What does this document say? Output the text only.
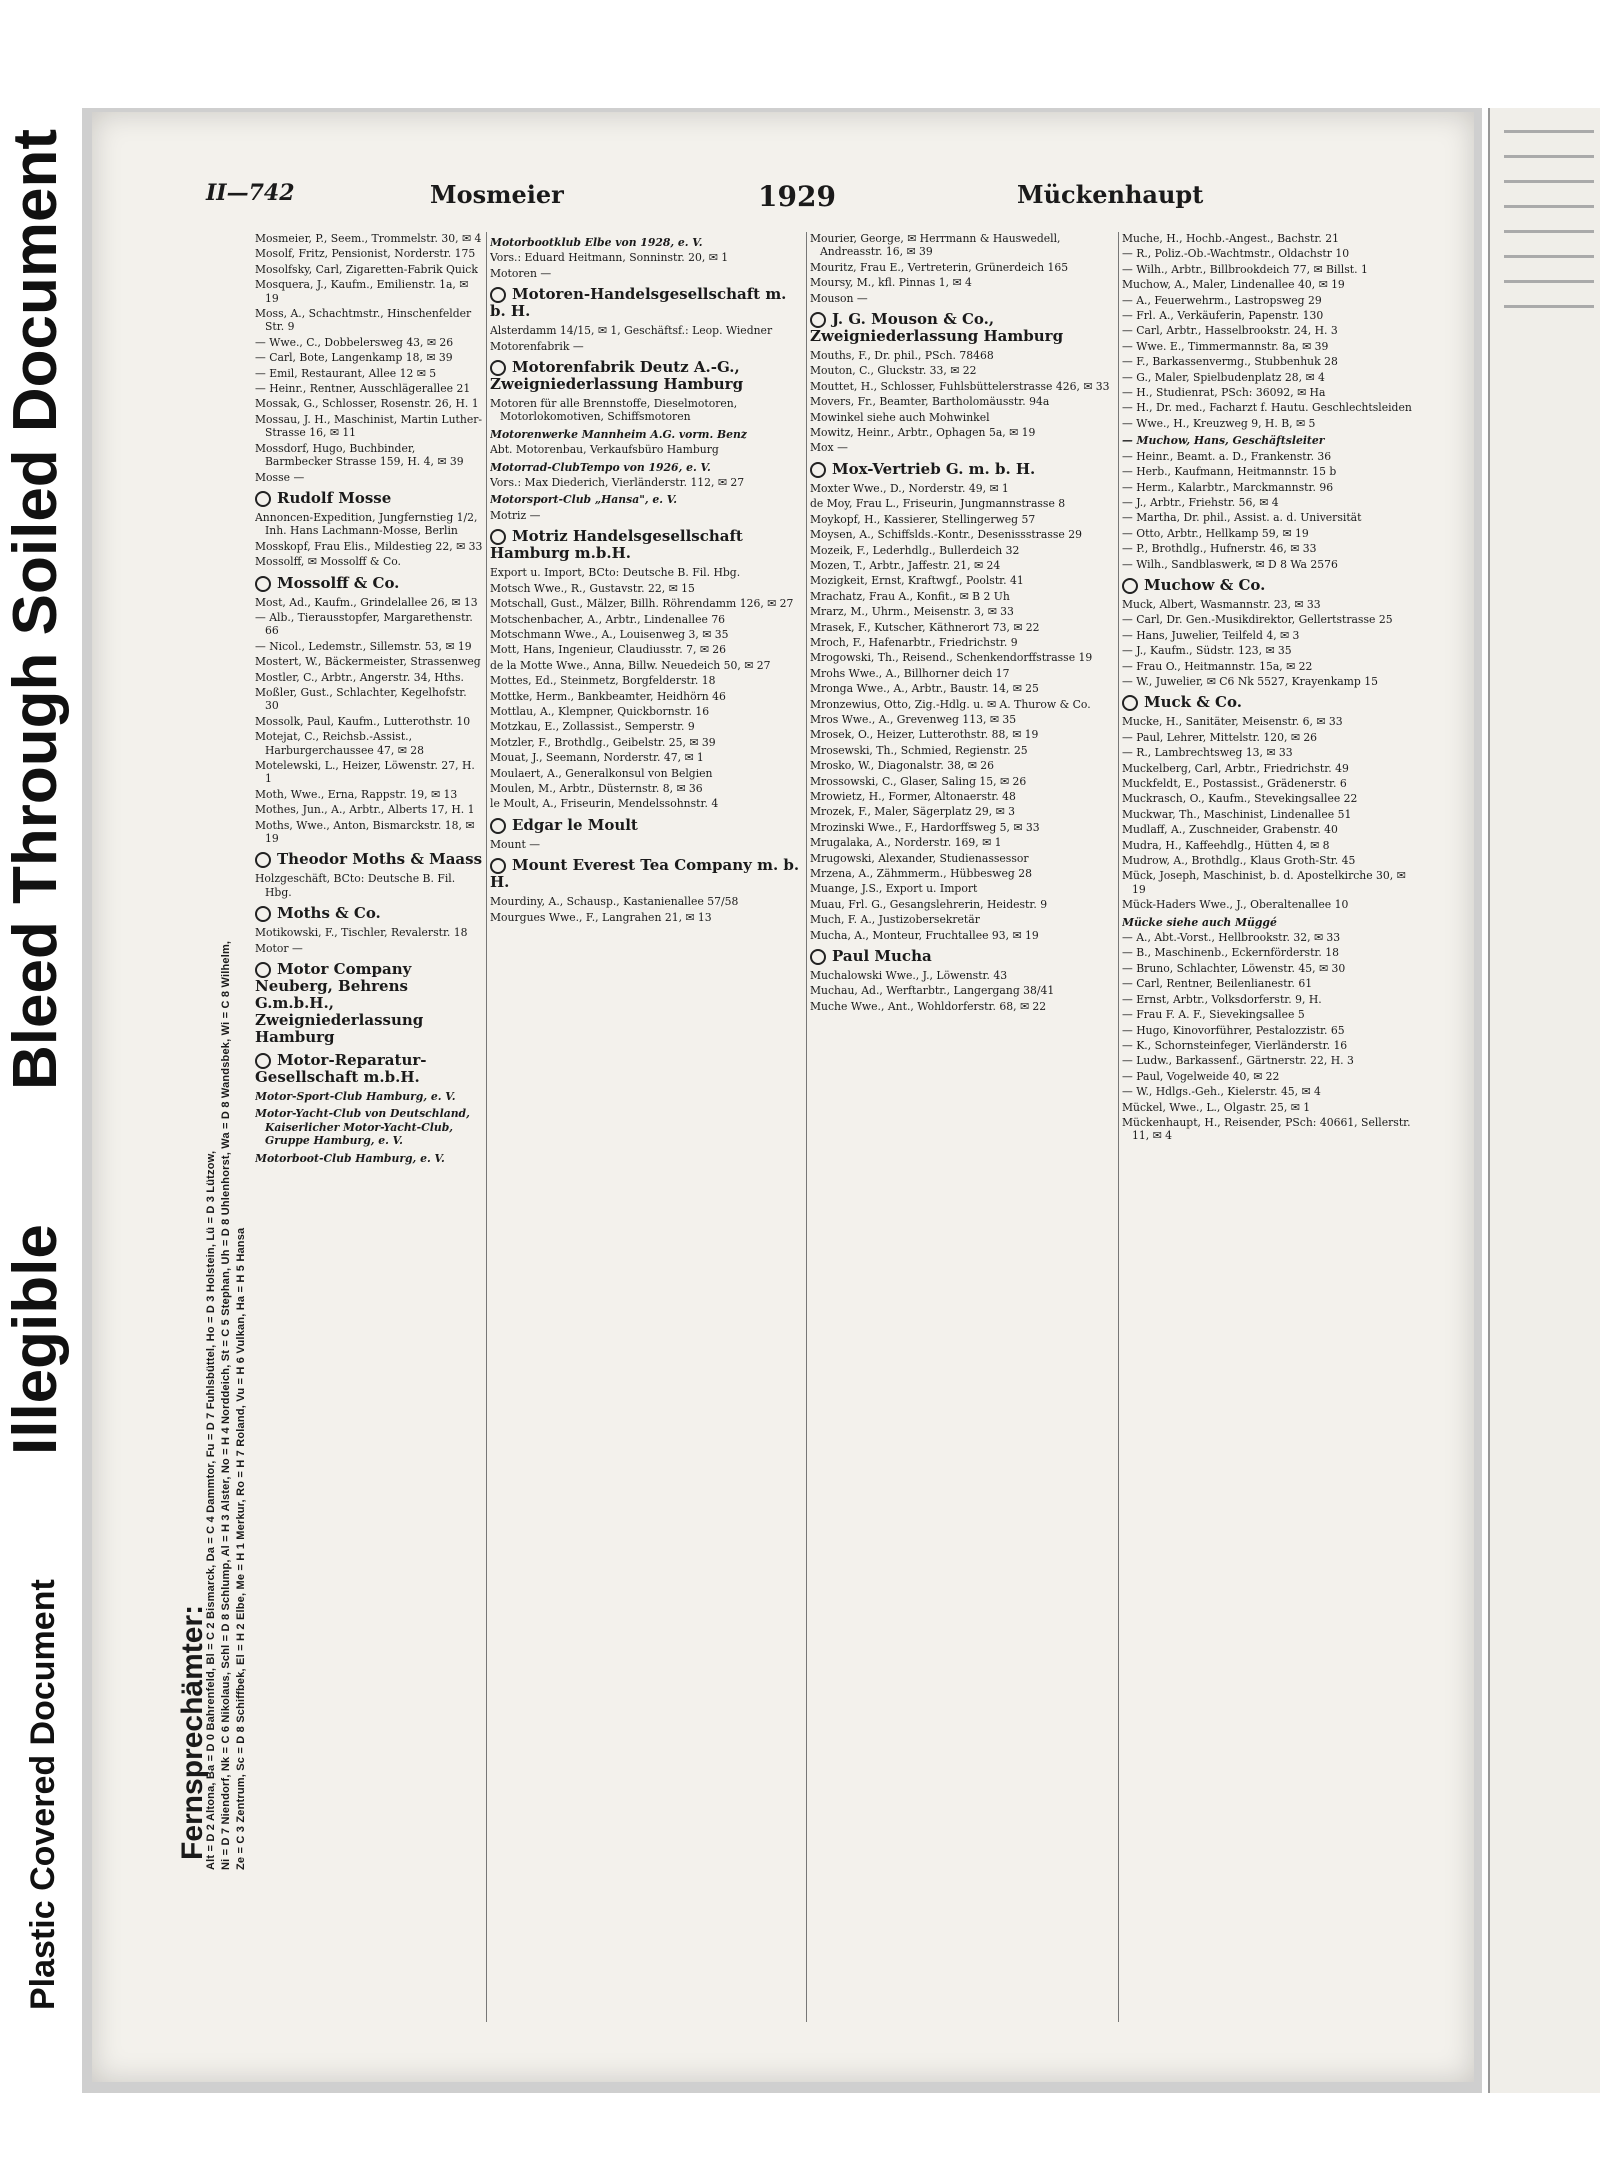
Plastic Covered Document
Illegible
Bleed Through Soiled Document	II—742	Mosmeier	1929	Mückenhaupt
Fernsprechämter:
Alt = D 2 Altona, Ba = D 0 Bahrenfeld, Bl = C 2 Bismarck, Da = C 4 Dammtor, Fu = D 7 Fuhlsbüttel, Ho = D 3 Holstein, Lü = D 3 Lützow, Ni = D 7 Niendorf, Nk = C 6 Nikolaus, Schl = D 8 Schlump, Al = H 3 Alster, No = H 4 Norddeich, St = C 5 Stephan, Uh = D 8 Uhlenhorst, Wa = D 8 Wandsbek, Wi = C 8 Wilhelm, Ze = C 3 Zentrum, Sc = D 8 Schiffbek, El = H 2 Elbe, Me = H 1 Merkur, Ro = H 7 Roland, Vu = H 6 Vulkan, Ha = H 5 Hansa
Mosmeier, P., Seem., Trommelstr. 30, ✉ 4
Mosolf, Fritz, Pensionist, Norderstr. 175
Mosolfsky, Carl, Zigaretten-Fabrik Quick
Mosquera, J., Kaufm., Emilienstr. 1a, ✉ 19
Moss, A., Schachtmstr., Hinschenfelder Str. 9
— Wwe., C., Dobbelersweg 43, ✉ 26
— Carl, Bote, Langenkamp 18, ✉ 39
— Emil, Restaurant, Allee 12 ✉ 5
— Heinr., Rentner, Ausschlägerallee 21
Mossak, G., Schlosser, Rosenstr. 26, H. 1
Mossau, J. H., Maschinist, Martin Luther-Strasse 16, ✉ 11
Mossdorf, Hugo, Buchbinder, Barmbecker Strasse 159, H. 4, ✉ 39
Mosse —
Rudolf Mosse
Annoncen-Expedition, Jungfernstieg 1/2, Inh. Hans Lachmann-Mosse, Berlin
Mosskopf, Frau Elis., Mildestieg 22, ✉ 33
Mossolff, ✉ Mossolff & Co.
Mossolff & Co.
Most, Ad., Kaufm., Grindelallee 26, ✉ 13
— Alb., Tierausstopfer, Margarethenstr. 66
— Nicol., Ledemstr., Sillemstr. 53, ✉ 19
Mostert, W., Bäckermeister, Strassenweg
Mostler, C., Arbtr., Angerstr. 34, Hths.
Moßler, Gust., Schlachter, Kegelhofstr. 30
Mossolk, Paul, Kaufm., Lutterothstr. 10
Motejat, C., Reichsb.-Assist., Harburgerchaussee 47, ✉ 28
Motelewski, L., Heizer, Löwenstr. 27, H. 1
Moth, Wwe., Erna, Rappstr. 19, ✉ 13
Mothes, Jun., A., Arbtr., Alberts 17, H. 1
Moths, Wwe., Anton, Bismarckstr. 18, ✉ 19
Theodor Moths & Maass
Holzgeschäft, BCto: Deutsche B. Fil. Hbg.
Moths & Co.
Motikowski, F., Tischler, Revalerstr. 18
Motor —
Motor Company Neuberg, Behrens G.m.b.H., Zweigniederlassung Hamburg
Motor-Reparatur-Gesellschaft m.b.H.
Motor-Sport-Club Hamburg, e. V.
Motor-Yacht-Club von Deutschland, Kaiserlicher Motor-Yacht-Club, Gruppe Hamburg, e. V.
Motorboot-Club Hamburg, e. V.
Motorbootklub Elbe von 1928, e. V.
Vors.: Eduard Heitmann, Sonninstr. 20, ✉ 1
Motoren —
Motoren-Handelsgesellschaft m. b. H.
Alsterdamm 14/15, ✉ 1, Geschäftsf.: Leop. Wiedner
Motorenfabrik —
Motorenfabrik Deutz A.-G., Zweigniederlassung Hamburg
Motoren für alle Brennstoffe, Dieselmotoren, Motorlokomotiven, Schiffsmotoren
Motorenwerke Mannheim A.G. vorm. Benz
Abt. Motorenbau, Verkaufsbüro Hamburg
Motorrad-ClubTempo von 1926, e. V.
Vors.: Max Diederich, Vierländerstr. 112, ✉ 27
Motorsport-Club „Hansa", e. V.
Motriz —
Motriz Handelsgesellschaft Hamburg m.b.H.
Export u. Import, BCto: Deutsche B. Fil. Hbg.
Motsch Wwe., R., Gustavstr. 22, ✉ 15
Motschall, Gust., Mälzer, Billh. Röhrendamm 126, ✉ 27
Motschenbacher, A., Arbtr., Lindenallee 76
Motschmann Wwe., A., Louisenweg 3, ✉ 35
Mott, Hans, Ingenieur, Claudiusstr. 7, ✉ 26
de la Motte Wwe., Anna, Billw. Neuedeich 50, ✉ 27
Mottes, Ed., Steinmetz, Borgfelderstr. 18
Mottke, Herm., Bankbeamter, Heidhörn 46
Mottlau, A., Klempner, Quickbornstr. 16
Motzkau, E., Zollassist., Semperstr. 9
Motzler, F., Brothdlg., Geibelstr. 25, ✉ 39
Mouat, J., Seemann, Norderstr. 47, ✉ 1
Moulaert, A., Generalkonsul von Belgien
Moulen, M., Arbtr., Düsternstr. 8, ✉ 36
le Moult, A., Friseurin, Mendelssohnstr. 4
Edgar le Moult
Mount —
Mount Everest Tea Company m. b. H.
Mourdiny, A., Schausp., Kastanienallee 57/58
Mourgues Wwe., F., Langrahen 21, ✉ 13
Mourier, George, ✉ Herrmann & Hauswedell, Andreasstr. 16, ✉ 39
Mouritz, Frau E., Vertreterin, Grünerdeich 165
Moursy, M., kfl. Pinnas 1, ✉ 4
Mouson —
J. G. Mouson & Co., Zweigniederlassung Hamburg
Mouths, F., Dr. phil., PSch. 78468
Mouton, C., Gluckstr. 33, ✉ 22
Mouttet, H., Schlosser, Fuhlsbüttelerstrasse 426, ✉ 33
Movers, Fr., Beamter, Bartholomäusstr. 94a
Mowinkel siehe auch Mohwinkel
Mowitz, Heinr., Arbtr., Ophagen 5a, ✉ 19
Mox —
Mox-Vertrieb G. m. b. H.
Moxter Wwe., D., Norderstr. 49, ✉ 1
de Moy, Frau L., Friseurin, Jungmannstrasse 8
Moykopf, H., Kassierer, Stellingerweg 57
Moysen, A., Schiffslds.-Kontr., Desenissstrasse 29
Mozeik, F., Lederhdlg., Bullerdeich 32
Mozen, T., Arbtr., Jaffestr. 21, ✉ 24
Mozigkeit, Ernst, Kraftwgf., Poolstr. 41
Mrachatz, Frau A., Konfit., ✉ B 2 Uh
Mrarz, M., Uhrm., Meisenstr. 3, ✉ 33
Mrasek, F., Kutscher, Käthnerort 73, ✉ 22
Mroch, F., Hafenarbtr., Friedrichstr. 9
Mrogowski, Th., Reisend., Schenkendorffstrasse 19
Mrohs Wwe., A., Billhorner deich 17
Mronga Wwe., A., Arbtr., Baustr. 14, ✉ 25
Mronzewius, Otto, Zig.-Hdlg. u. ✉ A. Thurow & Co.
Mros Wwe., A., Grevenweg 113, ✉ 35
Mrosek, O., Heizer, Lutterothstr. 88, ✉ 19
Mrosewski, Th., Schmied, Regienstr. 25
Mrosko, W., Diagonalstr. 38, ✉ 26
Mrossowski, C., Glaser, Saling 15, ✉ 26
Mrowietz, H., Former, Altonaerstr. 48
Mrozek, F., Maler, Sägerplatz 29, ✉ 3
Mrozinski Wwe., F., Hardorffsweg 5, ✉ 33
Mrugalaka, A., Norderstr. 169, ✉ 1
Mrugowski, Alexander, Studienassessor
Mrzena, A., Zähmmerm., Hübbesweg 28
Muange, J.S., Export u. Import
Muau, Frl. G., Gesangslehrerin, Heidestr. 9
Much, F. A., Justizobersekretär
Mucha, A., Monteur, Fruchtallee 93, ✉ 19
Paul Mucha
Muchalowski Wwe., J., Löwenstr. 43
Muchau, Ad., Werftarbtr., Langergang 38/41
Muche Wwe., Ant., Wohldorferstr. 68, ✉ 22
Muche, H., Hochb.-Angest., Bachstr. 21
— R., Poliz.-Ob.-Wachtmstr., Oldachstr 10
— Wilh., Arbtr., Billbrookdeich 77, ✉ Billst. 1
Muchow, A., Maler, Lindenallee 40, ✉ 19
— A., Feuerwehrm., Lastropsweg 29
— Frl. A., Verkäuferin, Papenstr. 130
— Carl, Arbtr., Hasselbrookstr. 24, H. 3
— Wwe. E., Timmermannstr. 8a, ✉ 39
— F., Barkassenvermg., Stubbenhuk 28
— G., Maler, Spielbudenplatz 28, ✉ 4
— H., Studienrat, PSch: 36092, ✉ Ha
— H., Dr. med., Facharzt f. Hautu. Geschlechtsleiden
— Wwe., H., Kreuzweg 9, H. B, ✉ 5
— Muchow, Hans, Geschäftsleiter
— Heinr., Beamt. a. D., Frankenstr. 36
— Herb., Kaufmann, Heitmannstr. 15 b
— Herm., Kalarbtr., Marckmannstr. 96
— J., Arbtr., Friehstr. 56, ✉ 4
— Martha, Dr. phil., Assist. a. d. Universität
— Otto, Arbtr., Hellkamp 59, ✉ 19
— P., Brothdlg., Hufnerstr. 46, ✉ 33
— Wilh., Sandblaswerk, ✉ D 8 Wa 2576
Muchow & Co.
Muck, Albert, Wasmannstr. 23, ✉ 33
— Carl, Dr. Gen.-Musikdirektor, Gellertstrasse 25
— Hans, Juwelier, Teilfeld 4, ✉ 3
— J., Kaufm., Südstr. 123, ✉ 35
— Frau O., Heitmannstr. 15a, ✉ 22
— W., Juwelier, ✉ C6 Nk 5527, Krayenkamp 15
Muck & Co.
Mucke, H., Sanitäter, Meisenstr. 6, ✉ 33
— Paul, Lehrer, Mittelstr. 120, ✉ 26
— R., Lambrechtsweg 13, ✉ 33
Muckelberg, Carl, Arbtr., Friedrichstr. 49
Muckfeldt, E., Postassist., Grädenerstr. 6
Muckrasch, O., Kaufm., Stevekingsallee 22
Muckwar, Th., Maschinist, Lindenallee 51
Mudlaff, A., Zuschneider, Grabenstr. 40
Mudra, H., Kaffeehdlg., Hütten 4, ✉ 8
Mudrow, A., Brothdlg., Klaus Groth-Str. 45
Mück, Joseph, Maschinist, b. d. Apostelkirche 30, ✉ 19
Mück-Haders Wwe., J., Oberaltenallee 10
Mücke siehe auch Müggé
— A., Abt.-Vorst., Hellbrookstr. 32, ✉ 33
— B., Maschinenb., Eckernförderstr. 18
— Bruno, Schlachter, Löwenstr. 45, ✉ 30
— Carl, Rentner, Beilenlianestr. 61
— Ernst, Arbtr., Volksdorferstr. 9, H.
— Frau F. A. F., Sievekingsallee 5
— Hugo, Kinovorführer, Pestalozzistr. 65
— K., Schornsteinfeger, Vierländerstr. 16
— Ludw., Barkassenf., Gärtnerstr. 22, H. 3
— Paul, Vogelweide 40, ✉ 22
— W., Hdlgs.-Geh., Kielerstr. 45, ✉ 4
Mückel, Wwe., L., Olgastr. 25, ✉ 1
Mückenhaupt, H., Reisender, PSch: 40661, Sellerstr. 11, ✉ 4
